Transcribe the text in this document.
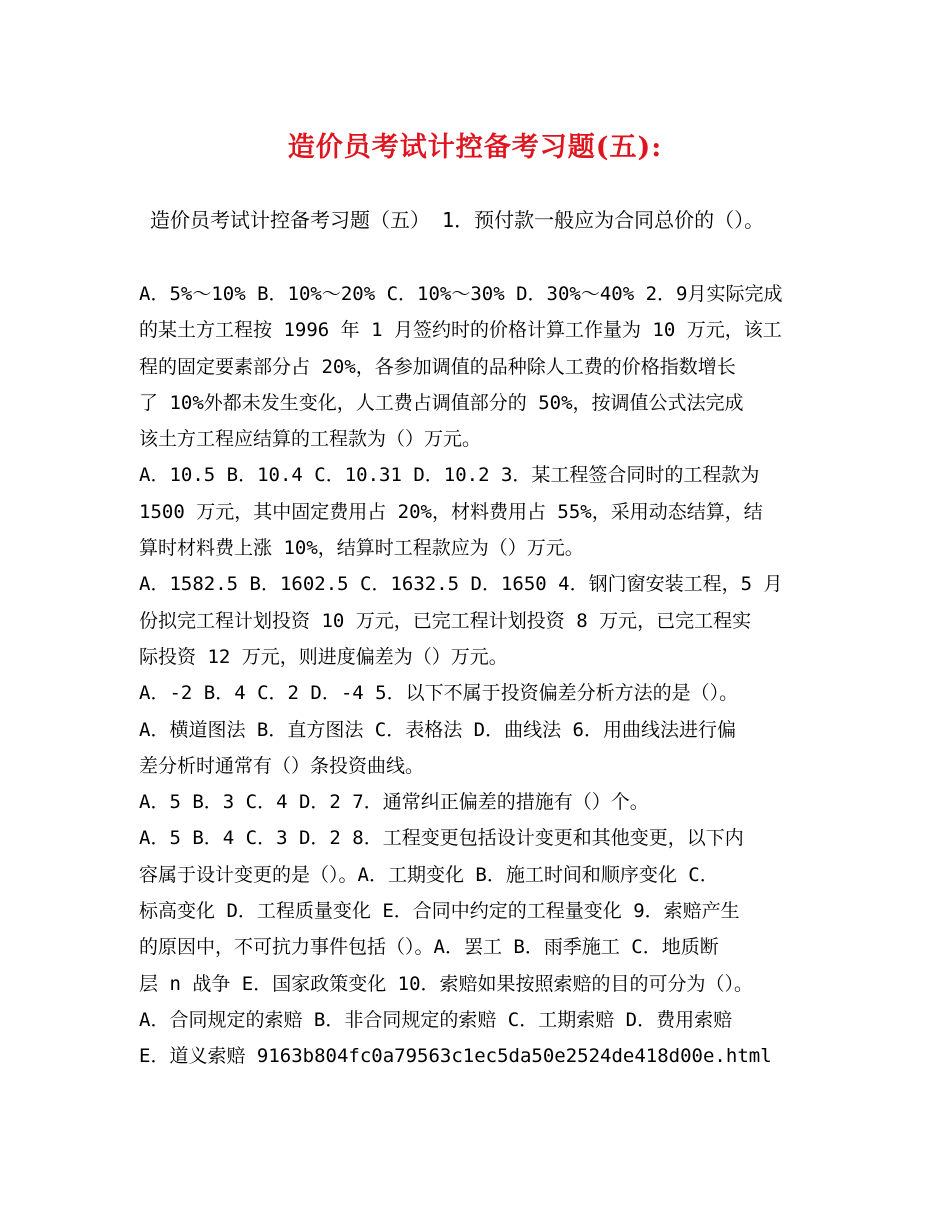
造价员考试计控备考习题(五):
造价员考试计控备考习题（五） 1．预付款一般应为合同总价的（）。
A．5%～10% B．10%～20% C．10%～30% D．30%～40% 2．9月实际完成
的某土方工程按 1996 年 1 月签约时的价格计算工作量为 10 万元，该工
程的固定要素部分占 20%，各参加调值的品种除人工费的价格指数增长
了 10%外都未发生变化，人工费占调值部分的 50%，按调值公式法完成
该土方工程应结算的工程款为（）万元。
A．10.5 B．10.4 C．10.31 D．10.2 3．某工程签合同时的工程款为
1500 万元，其中固定费用占 20%，材料费用占 55%，采用动态结算，结
算时材料费上涨 10%，结算时工程款应为（）万元。
A．1582.5 B．1602.5 C．1632.5 D．1650 4．钢门窗安装工程，5 月
份拟完工程计划投资 10 万元，已完工程计划投资 8 万元，已完工程实
际投资 12 万元，则进度偏差为（）万元。
A．-2 B．4 C．2 D．-4 5．以下不属于投资偏差分析方法的是（）。
A．横道图法 B．直方图法 C．表格法 D．曲线法 6．用曲线法进行偏
差分析时通常有（）条投资曲线。
A．5 B．3 C．4 D．2 7．通常纠正偏差的措施有（）个。
A．5 B．4 C．3 D．2 8．工程变更包括设计变更和其他变更，以下内
容属于设计变更的是（）。A．工期变化 B．施工时间和顺序变化 C．
标高变化 D．工程质量变化 E．合同中约定的工程量变化 9．索赔产生
的原因中，不可抗力事件包括（）。A．罢工 B．雨季施工 C．地质断
层 n 战争 E．国家政策变化 10．索赔如果按照索赔的目的可分为（）。
A．合同规定的索赔 B．非合同规定的索赔 C．工期索赔 D．费用索赔
E．道义索赔 9163b804fc0a79563c1ec5da50e2524de418d00e.html
